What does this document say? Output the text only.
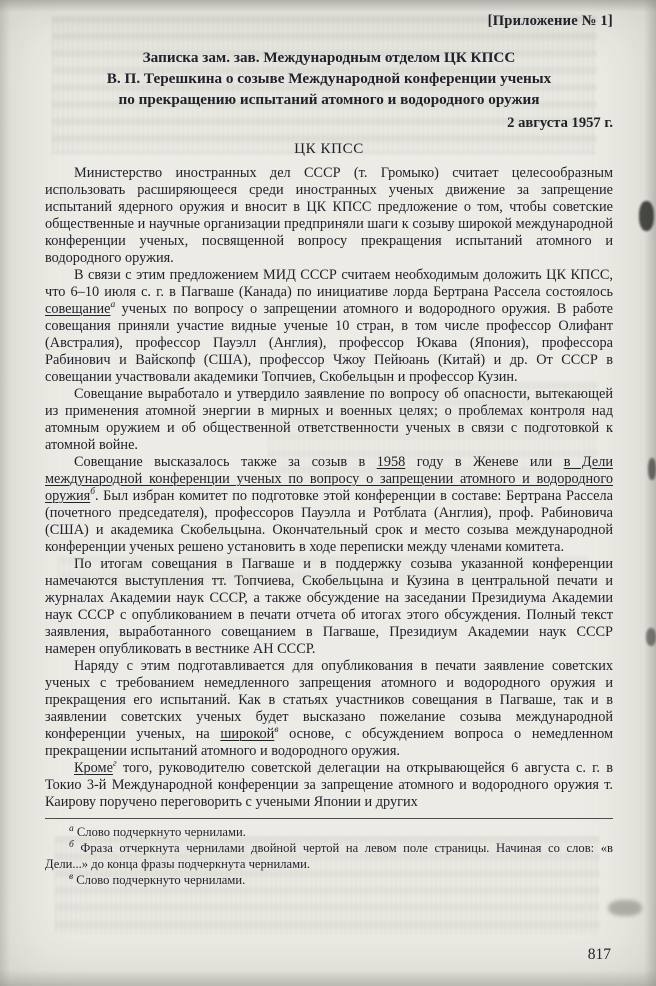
[Приложение № 1]
Записка зам. зав. Международным отделом ЦК КПСС
В. П. Терешкина о созыве Международной конференции ученых
по прекращению испытаний атомного и водородного оружия
2 августа 1957 г.
ЦК КПСС

Министерство иностранных дел СССР (т. Громыко) считает целесообразным использовать расширяющееся среди иностранных ученых движение за запрещение испытаний ядерного оружия и вносит в ЦК КПСС предложение о том, чтобы советские общественные и научные организации предприняли шаги к созыву широкой международной конференции ученых, посвященной вопросу прекращения испытаний атомного и водородного оружия.

В связи с этим предложением МИД СССР считаем необходимым доложить ЦК КПСС, что 6–10 июля с. г. в Пагваше (Канада) по инициативе лорда Бертрана Рассела состоялось совещание$^а$ ученых по вопросу о запрещении атомного и водородного оружия. В работе совещания приняли участие видные ученые 10 стран, в том числе профессор Олифант (Австралия), профессор Пауэлл (Англия), профессор Юкава (Япония), профессора Рабинович и Вайскопф (США), профессор Чжоу Пейюань (Китай) и др. От СССР в совещании участвовали академики Топчиев, Скобельцын и профессор Кузин.

Совещание выработало и утвердило заявление по вопросу об опасности, вытекающей из применения атомной энергии в мирных и военных целях; о проблемах контроля над атомным оружием и об общественной ответственности ученых в связи с подготовкой к атомной войне.

Совещание высказалось также за созыв в 1958 году в Женеве или в Дели международной конференции ученых по вопросу о запрещении атомного и водородного оружия$^б$. Был избран комитет по подготовке этой конференции в составе: Бертрана Рассела (почетного председателя), профессоров Пауэлла и Ротблата (Англия), проф. Рабиновича (США) и академика Скобельцына. Окончательный срок и место созыва международной конференции ученых решено установить в ходе переписки между членами комитета.

По итогам совещания в Пагваше и в поддержку созыва указанной конференции намечаются выступления тт. Топчиева, Скобельцына и Кузина в центральной печати и журналах Академии наук СССР, а также обсуждение на заседании Президиума Академии наук СССР с опубликованием в печати отчета об итогах этого обсуждения. Полный текст заявления, выработанного совещанием в Пагваше, Президиум Академии наук СССР намерен опубликовать в вестнике АН СССР.

Наряду с этим подготавливается для опубликования в печати заявление советских ученых с требованием немедленного запрещения атомного и водородного оружия и прекращения его испытаний. Как в статьях участников совещания в Пагваше, так и в заявлении советских ученых будет высказано пожелание созыва международной конференции ученых, на широкой$^в$ основе, с обсуждением вопроса о немедленном прекращении испытаний атомного и водородного оружия.

Кроме$^г$ того, руководителю советской делегации на открывающейся 6 августа с. г. в Токио 3-й Международной конференции за запрещение атомного и водородного оружия т. Каирову поручено переговорить с учеными Японии и других

$^а$ Слово подчеркнуто чернилами.

$^б$ Фраза отчеркнута чернилами двойной чертой на левом поле страницы. Начиная со слов: «в Дели...» до конца фразы подчеркнута чернилами.

$^в$ Слово подчеркнуто чернилами.

817
